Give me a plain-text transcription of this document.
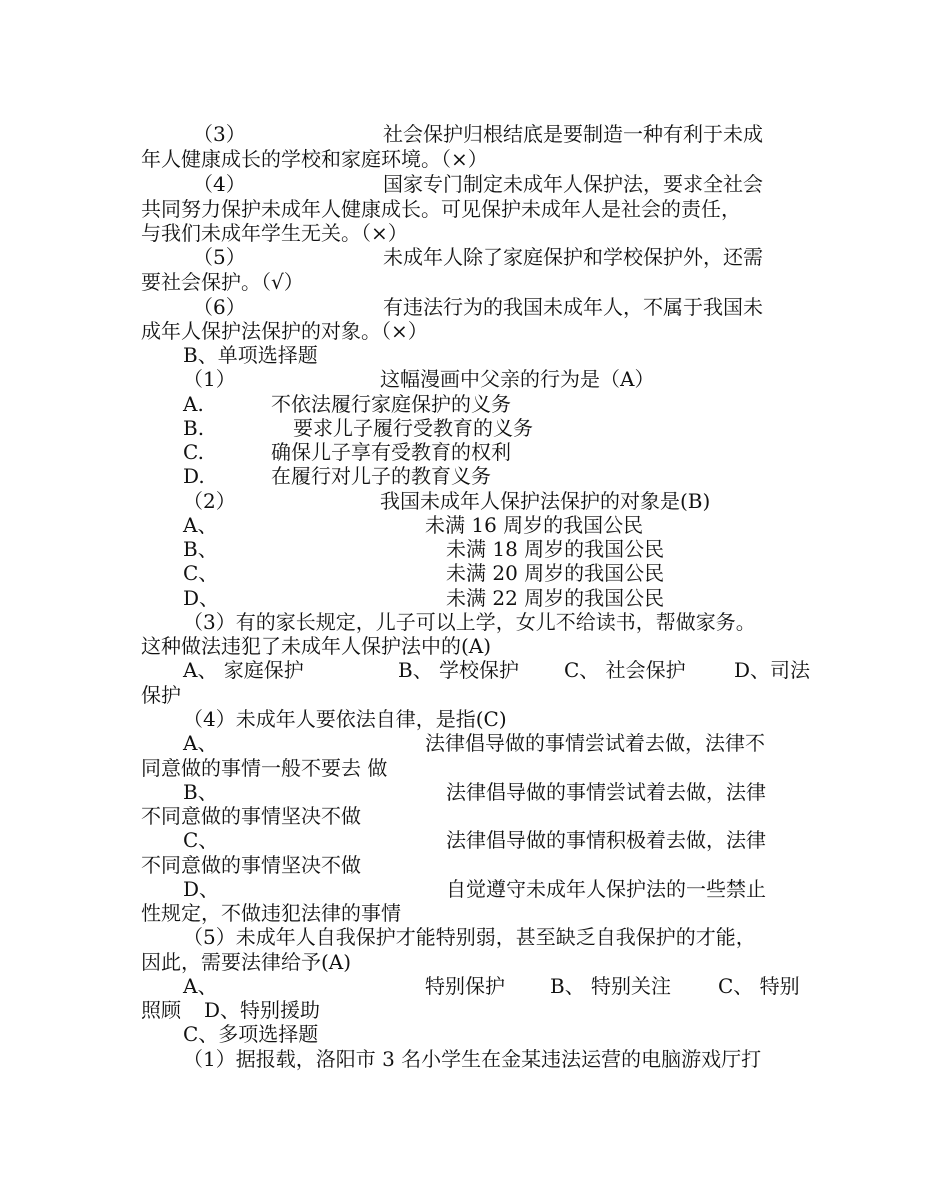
（3）	社会保护归根结底是要制造一种有利于未成
年人健康成长的学校和家庭环境。（×）
（4）	国家专门制定未成年人保护法，要求全社会
共同努力保护未成年人健康成长。可见保护未成年人是社会的责任，
与我们未成年学生无关。（×）
（5）	未成年人除了家庭保护和学校保护外，还需
要社会保护。（√）
（6）	有违法行为的我国未成年人，不属于我国未
成年人保护法保护的对象。（×）
B、单项选择题
（1）	这幅漫画中父亲的行为是（A）
A.	不依法履行家庭保护的义务
B.	要求儿子履行受教育的义务
C.	确保儿子享有受教育的权利
D.	在履行对儿子的教育义务
（2）	我国未成年人保护法保护的对象是(B)
A、	未满 16 周岁的我国公民
B、	未满 18 周岁的我国公民
C、	未满 20 周岁的我国公民
D、	未满 22 周岁的我国公民
（3）有的家长规定，儿子可以上学，女儿不给读书，帮做家务。
这种做法违犯了未成年人保护法中的(A)
A、 家庭保护	B、 学校保护 C、 社会保护 D、司法
保护
（4）未成年人要依法自律，是指(C)
A、	法律倡导做的事情尝试着去做，法律不
同意做的事情一般不要去 做
B、	法律倡导做的事情尝试着去做，法律
不同意做的事情坚决不做
C、	法律倡导做的事情积极着去做，法律
不同意做的事情坚决不做
D、	自觉遵守未成年人保护法的一些禁止
性规定，不做违犯法律的事情
（5）未成年人自我保护才能特别弱，甚至缺乏自我保护的才能，
因此，需要法律给予(A)
A、	特别保护 B、 特别关注 C、 特别
照顾 D、特别援助
C、多项选择题
（1）据报载，洛阳市 3 名小学生在金某违法运营的电脑游戏厅打
